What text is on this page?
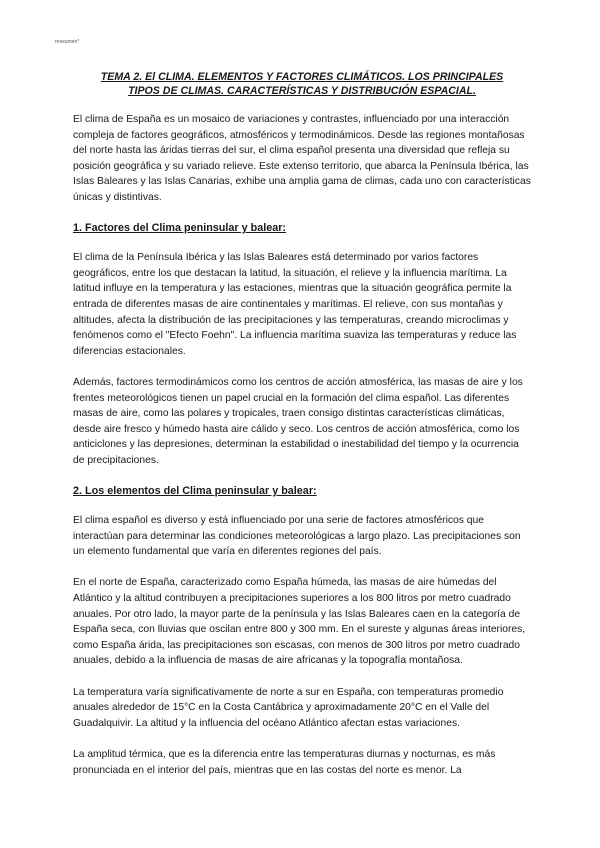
reseumen*
TEMA 2. El CLIMA. ELEMENTOS Y FACTORES CLIMÁTICOS. LOS PRINCIPALES
TIPOS DE CLIMAS. CARACTERÍSTICAS Y DISTRIBUCIÓN ESPACIAL.

El clima de España es un mosaico de variaciones y contrastes, influenciado por una interacción compleja de factores geográficos, atmosféricos y termodinámicos. Desde las regiones montañosas del norte hasta las áridas tierras del sur, el clima español presenta una diversidad que refleja su posición geográfica y su variado relieve. Este extenso territorio, que abarca la Península Ibérica, las Islas Baleares y las Islas Canarias, exhibe una amplia gama de climas, cada uno con características únicas y distintivas.

1. Factores del Clima peninsular y balear:

El clima de la Península Ibérica y las Islas Baleares está determinado por varios factores geográficos, entre los que destacan la latitud, la situación, el relieve y la influencia marítima. La latitud influye en la temperatura y las estaciones, mientras que la situación geográfica permite la entrada de diferentes masas de aire continentales y marítimas. El relieve, con sus montañas y altitudes, afecta la distribución de las precipitaciones y las temperaturas, creando microclimas y fenómenos como el "Efecto Foehn". La influencia marítima suaviza las temperaturas y reduce las diferencias estacionales.

Además, factores termodinámicos como los centros de acción atmosférica, las masas de aire y los frentes meteorológicos tienen un papel crucial en la formación del clima español. Las diferentes masas de aire, como las polares y tropicales, traen consigo distintas características climáticas, desde aire fresco y húmedo hasta aire cálido y seco. Los centros de acción atmosférica, como los anticiclones y las depresiones, determinan la estabilidad o inestabilidad del tiempo y la ocurrencia de precipitaciones.

2. Los elementos del Clima peninsular y balear:

El clima español es diverso y está influenciado por una serie de factores atmosféricos que interactúan para determinar las condiciones meteorológicas a largo plazo. Las precipitaciones son un elemento fundamental que varía en diferentes regiones del país.

En el norte de España, caracterizado como España húmeda, las masas de aire húmedas del Atlántico y la altitud contribuyen a precipitaciones superiores a los 800 litros por metro cuadrado anuales. Por otro lado, la mayor parte de la península y las Islas Baleares caen en la categoría de España seca, con lluvias que oscilan entre 800 y 300 mm. En el sureste y algunas áreas interiores, como España árida, las precipitaciones son escasas, con menos de 300 litros por metro cuadrado anuales, debido a la influencia de masas de aire africanas y la topografía montañosa.

La temperatura varía significativamente de norte a sur en España, con temperaturas promedio anuales alrededor de 15°C en la Costa Cantábrica y aproximadamente 20°C en el Valle del Guadalquivir. La altitud y la influencia del océano Atlántico afectan estas variaciones.

La amplitud térmica, que es la diferencia entre las temperaturas diurnas y nocturnas, es más pronunciada en el interior del país, mientras que en las costas del norte es menor. La
